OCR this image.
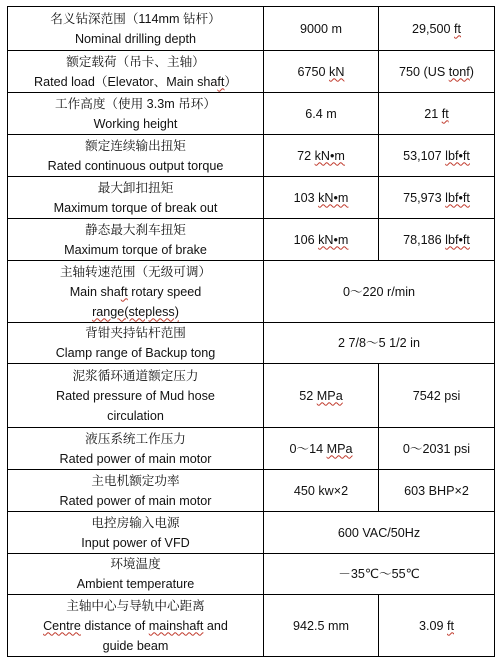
名义钻深范围（114mm 钻杆）
Nominal drilling depth	9000 m	29,500 ft

额定载荷（吊卡、主轴）
Rated load（Elevator、Main shaft）	6750 kN	750 (US tonf)

工作高度（使用 3.3m 吊环）
Working height	6.4 m	21 ft

额定连续输出扭矩
Rated continuous output torque	72 kN•m	53,107 lbf•ft

最大卸扣扭矩
Maximum torque of break out	103 kN•m	75,973 lbf•ft

静态最大刹车扭矩
Maximum torque of brake	106 kN•m	78,186 lbf•ft

主轴转速范围（无级可调）
Main shaft rotary speed
range(stepless)	0～220 r/min	

背钳夹持钻杆范围
Clamp range of Backup tong	2 7/8～5 1/2 in	

泥浆循环通道额定压力
Rated pressure of Mud hose
circulation	52 MPa	7542 psi

液压系统工作压力
Rated power of main motor	0～14 MPa	0～2031 psi

主电机额定功率
Rated power of main motor	450 kw×2	603 BHP×2

电控房输入电源
Input power of VFD	600 VAC/50Hz	

环境温度
Ambient temperature	－35℃～55℃	

主轴中心与导轨中心距离
Centre distance of mainshaft and
guide beam	942.5 mm	3.09 ft
